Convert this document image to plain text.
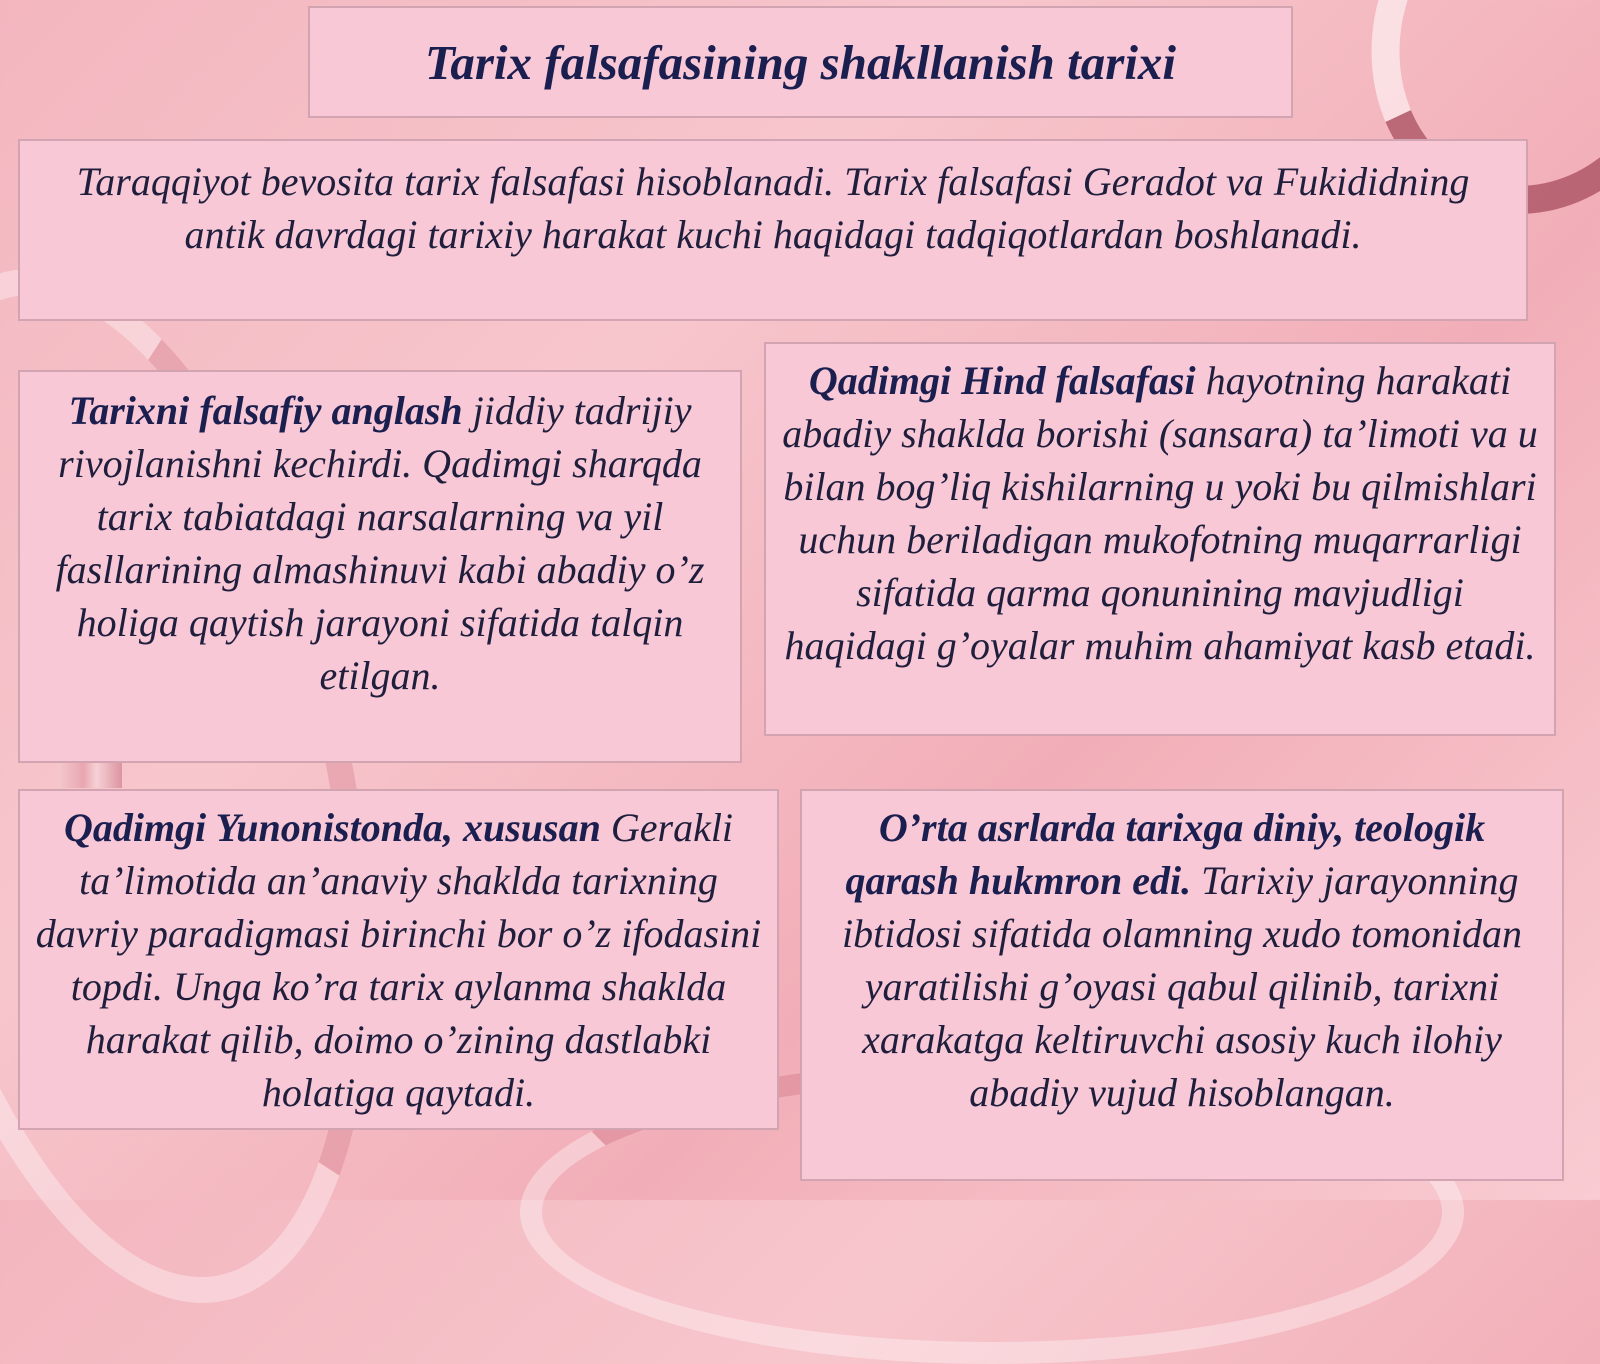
Tarix falsafasining shakllanish tarixi
Taraqqiyot bevosita tarix falsafasi hisoblanadi. Tarix falsafasi Geradot va Fukididning antik davrdagi tarixiy harakat kuchi haqidagi tadqiqotlardan boshlanadi.
Tarixni falsafiy anglash jiddiy tadrijiy rivojlanishni kechirdi. Qadimgi sharqda tarix tabiatdagi narsalarning va yil fasllarining almashinuvi kabi abadiy o’z holiga qaytish jarayoni sifatida talqin etilgan.
Qadimgi Hind falsafasi hayotning harakati abadiy shaklda borishi (sansara) ta’limoti va u bilan bog’liq kishilarning u yoki bu qilmishlari uchun beriladigan mukofotning muqarrarligi sifatida qarma qonunining mavjudligi haqidagi g’oyalar muhim ahamiyat kasb etadi.
Qadimgi Yunonistonda, xususan Gerakli ta’limotida an’anaviy shaklda tarixning davriy paradigmasi birinchi bor o’z ifodasini topdi. Unga ko’ra tarix aylanma shaklda harakat qilib, doimo o’zining dastlabki holatiga qaytadi.
O’rta asrlarda tarixga diniy, teologik qarash hukmron edi. Tarixiy jarayonning ibtidosi sifatida olamning xudo tomonidan yaratilishi g’oyasi qabul qilinib, tarixni xarakatga keltiruvchi asosiy kuch ilohiy abadiy vujud hisoblangan.
